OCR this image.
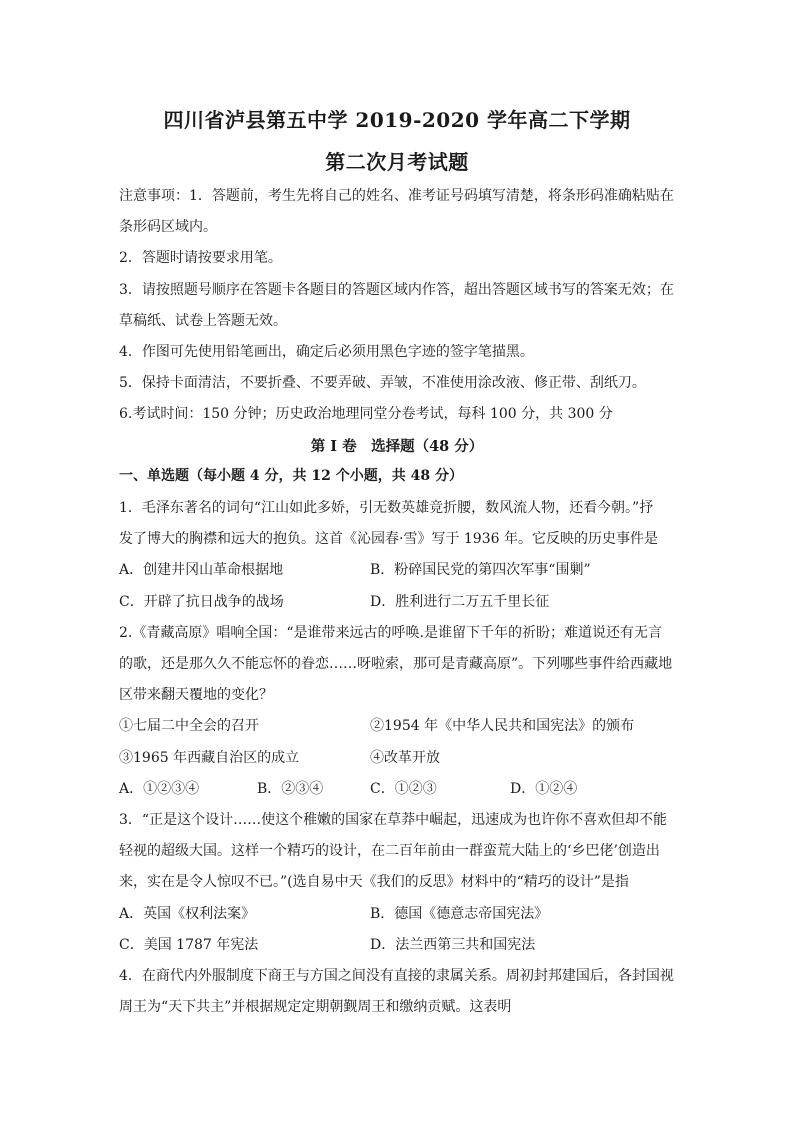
四川省泸县第五中学 2019-2020 学年高二下学期
第二次月考试题
注意事项：1．答题前，考生先将自己的姓名、准考证号码填写清楚，将条形码准确粘贴在
条形码区域内。
2．答题时请按要求用笔。
3．请按照题号顺序在答题卡各题目的答题区域内作答，超出答题区域书写的答案无效；在
草稿纸、试卷上答题无效。
4．作图可先使用铅笔画出，确定后必须用黑色字迹的签字笔描黑。
5．保持卡面清洁，不要折叠、不要弄破、弄皱，不准使用涂改液、修正带、刮纸刀。
6.考试时间：150 分钟；历史政治地理同堂分卷考试，每科 100 分，共 300 分
第 I 卷　选择题（48 分）
一、单选题（每小题 4 分，共 12 个小题，共 48 分）
1．毛泽东著名的词句“江山如此多娇，引无数英雄竞折腰，数风流人物，还看今朝。”抒
发了博大的胸襟和远大的抱负。这首《沁园春·雪》写于 1936 年。它反映的历史事件是
A．创建井冈山革命根据地	B．粉碎国民党的第四次军事“围剿”
C．开辟了抗日战争的战场	D．胜利进行二万五千里长征
2.《青藏高原》唱响全国：“是谁带来远古的呼唤.是谁留下千年的祈盼；难道说还有无言
的歌，还是那久久不能忘怀的眷恋……呀啦索，那可是青藏高原”。下列哪些事件给西藏地
区带来翻天覆地的变化？
①七届二中全会的召开	②1954 年《中华人民共和国宪法》的颁布
③1965 年西藏自治区的成立	④改革开放
A．①②③④	B．②③④	C．①②③	D．①②④
3．“正是这个设计……使这个稚嫩的国家在草莽中崛起，迅速成为也许你不喜欢但却不能
轻视的超级大国。这样一个精巧的设计，在二百年前由一群蛮荒大陆上的‘乡巴佬’创造出
来，实在是令人惊叹不已。”(选自易中天《我们的反思》材料中的“精巧的设计”是指
A．英国《权利法案》	B．德国《德意志帝国宪法》
C．美国 1787 年宪法	D．法兰西第三共和国宪法
4．在商代内外服制度下商王与方国之间没有直接的隶属关系。周初封邦建国后，各封国视
周王为“天下共主”并根据规定定期朝觐周王和缴纳贡赋。这表明
